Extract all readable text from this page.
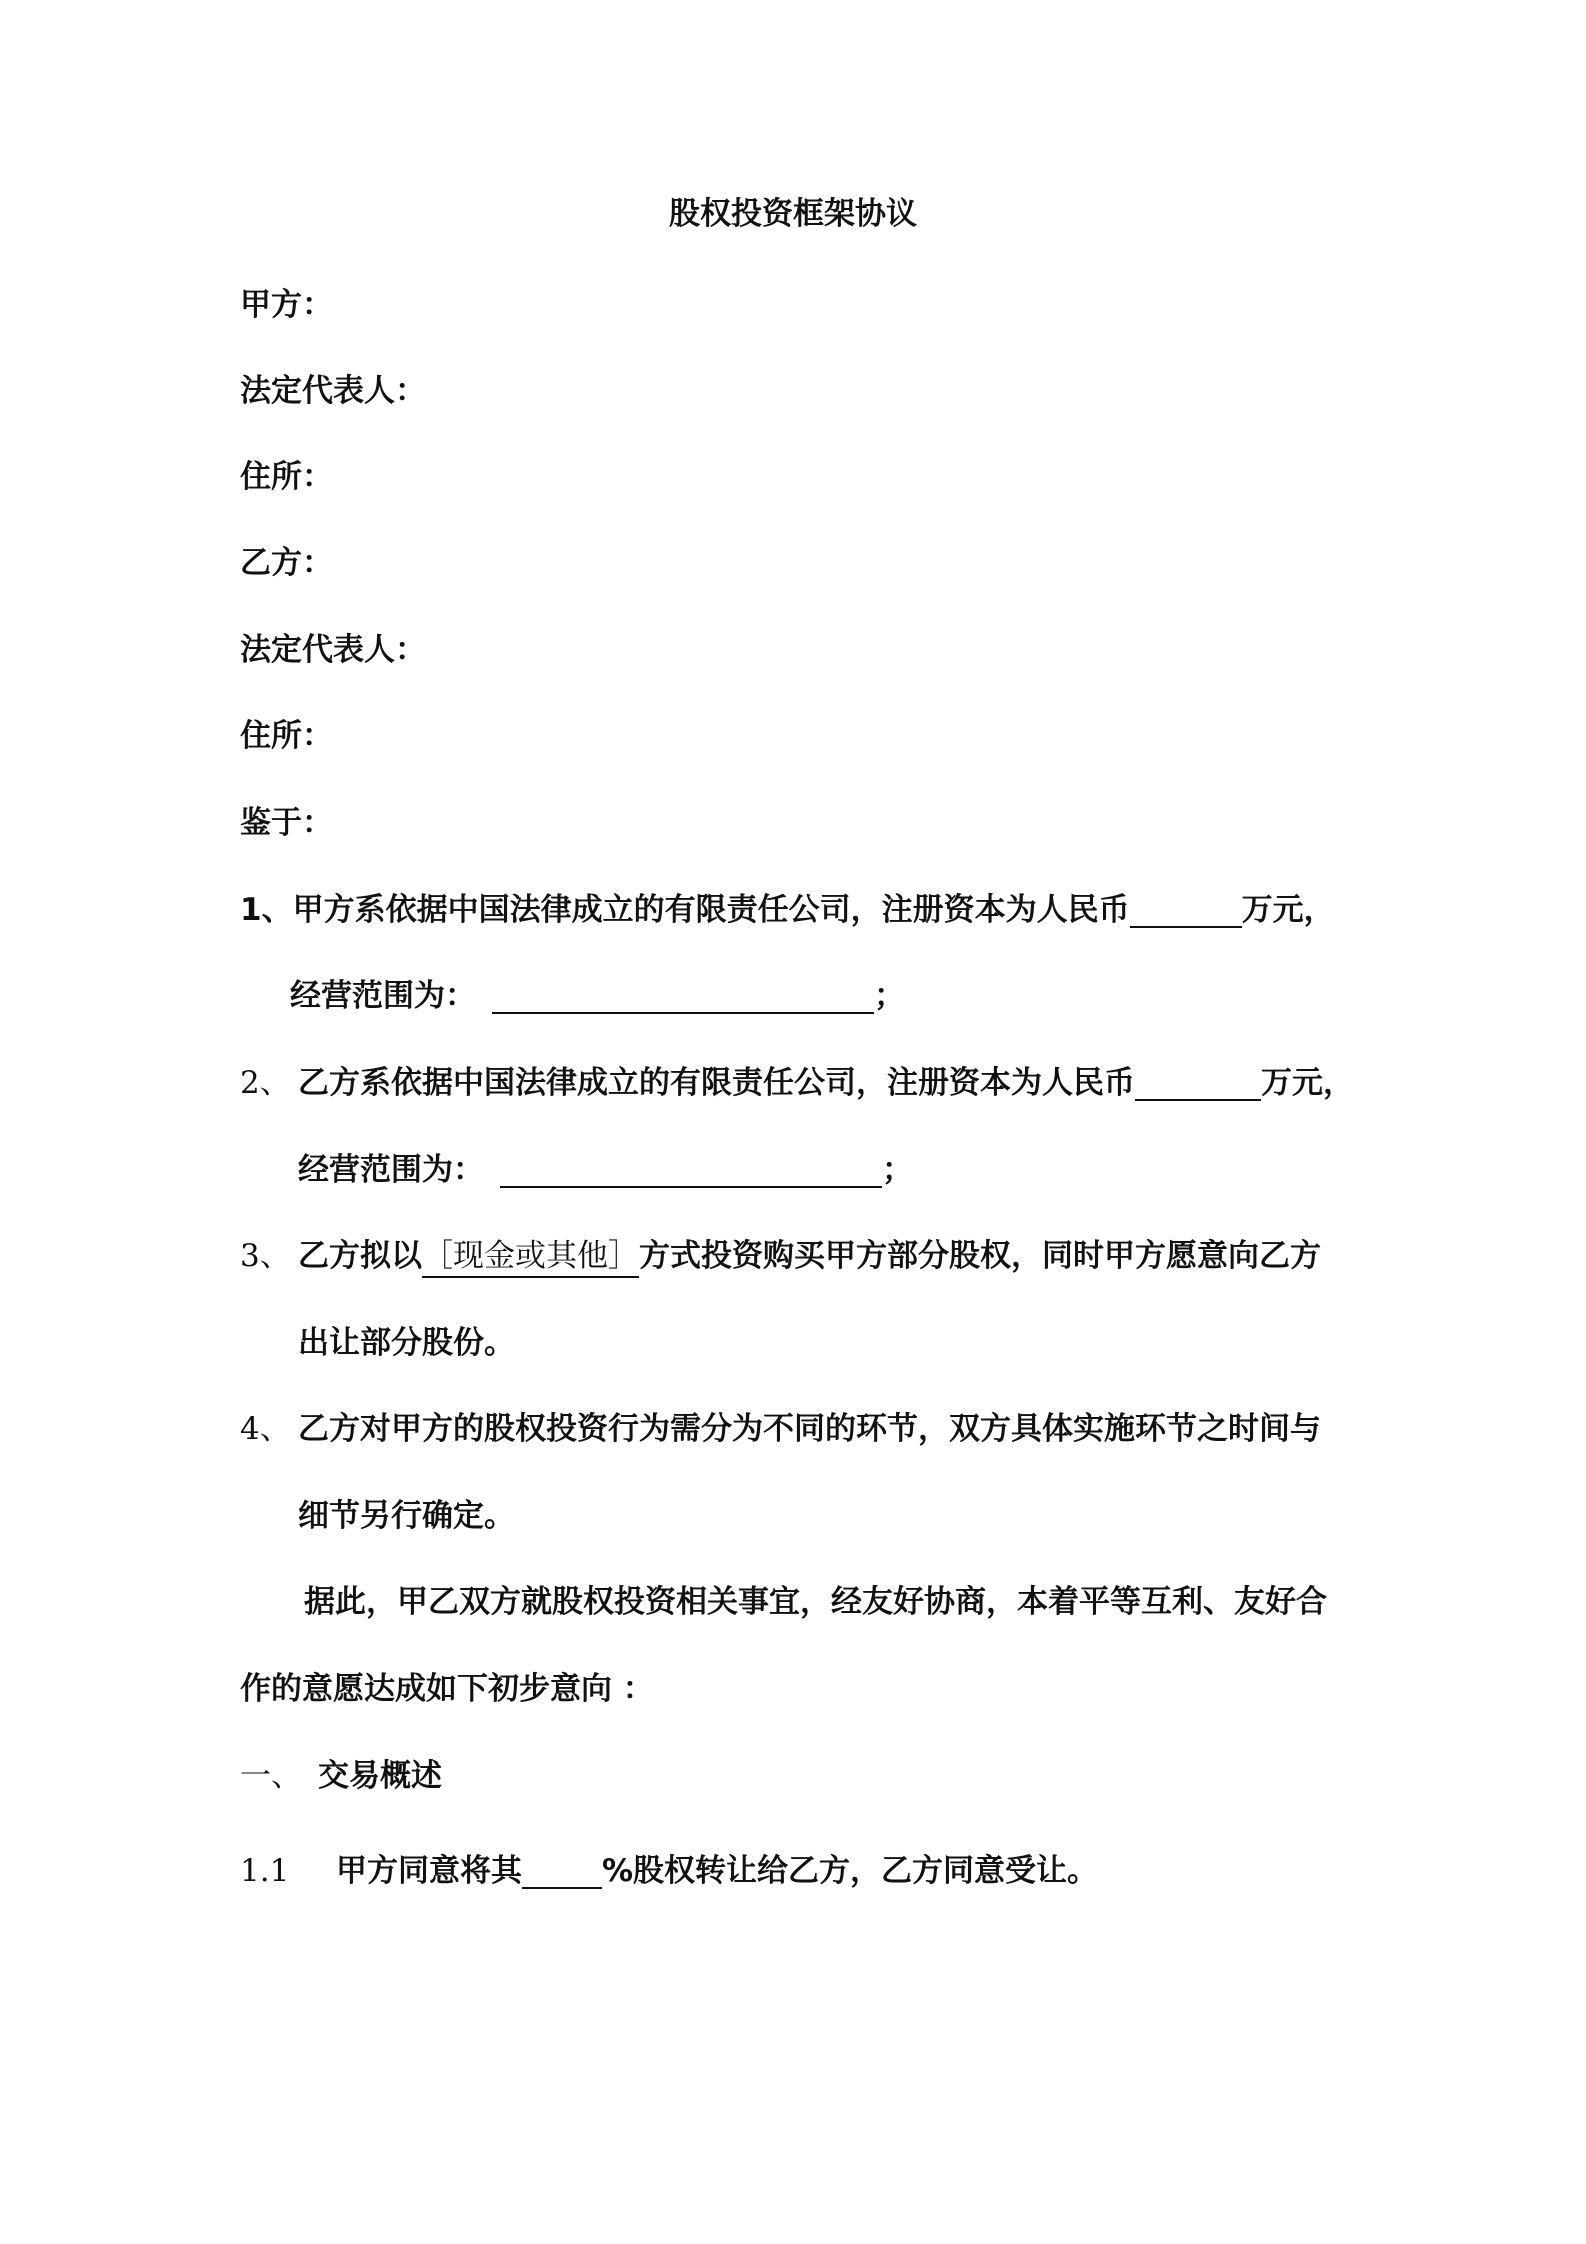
股权投资框架协议
甲方：
法定代表人：
住所：
乙方：
法定代表人：
住所：
鉴于：
1、甲方系依据中国法律成立的有限责任公司，注册资本为人民币	万元，
经营范围为：	；
2、 乙方系依据中国法律成立的有限责任公司，注册资本为人民币	万元，
经营范围为：	；
3、 乙方拟以［现金或其他］方式投资购买甲方部分股权，同时甲方愿意向乙方
出让部分股份。
4、 乙方对甲方的股权投资行为需分为不同的环节，双方具体实施环节之时间与
细节另行确定。
据此，甲乙双方就股权投资相关事宜，经友好协商，本着平等互利、友好合
作的意愿达成如下初步意向 ：
一、 交易概述
1.1 甲方同意将其	%股权转让给乙方，乙方同意受让。
